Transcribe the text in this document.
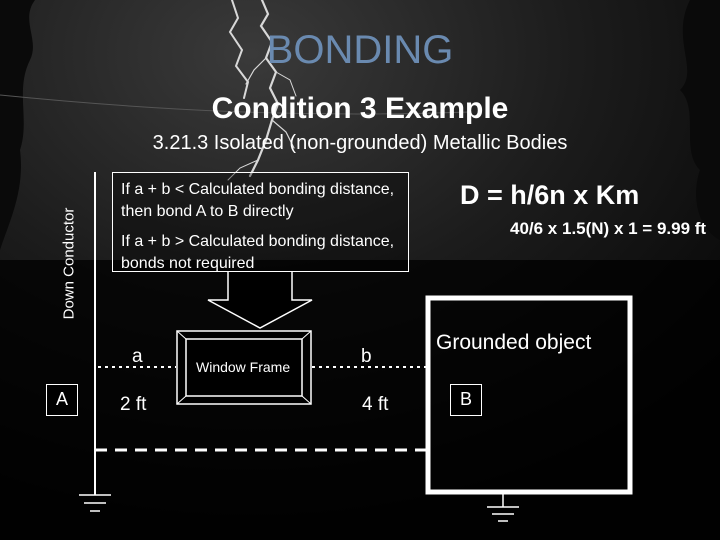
BONDING
Condition 3 Example
3.21.3 Isolated (non-grounded) Metallic Bodies
If a + b < Calculated bonding distance, then bond A to B directly
If a + b > Calculated bonding distance, bonds not required
D = h/6n x Km
40/6 x 1.5(N) x 1 = 9.99 ft
Down Conductor
A	B
a	b
2 ft	4 ft
Window Frame
Grounded object
